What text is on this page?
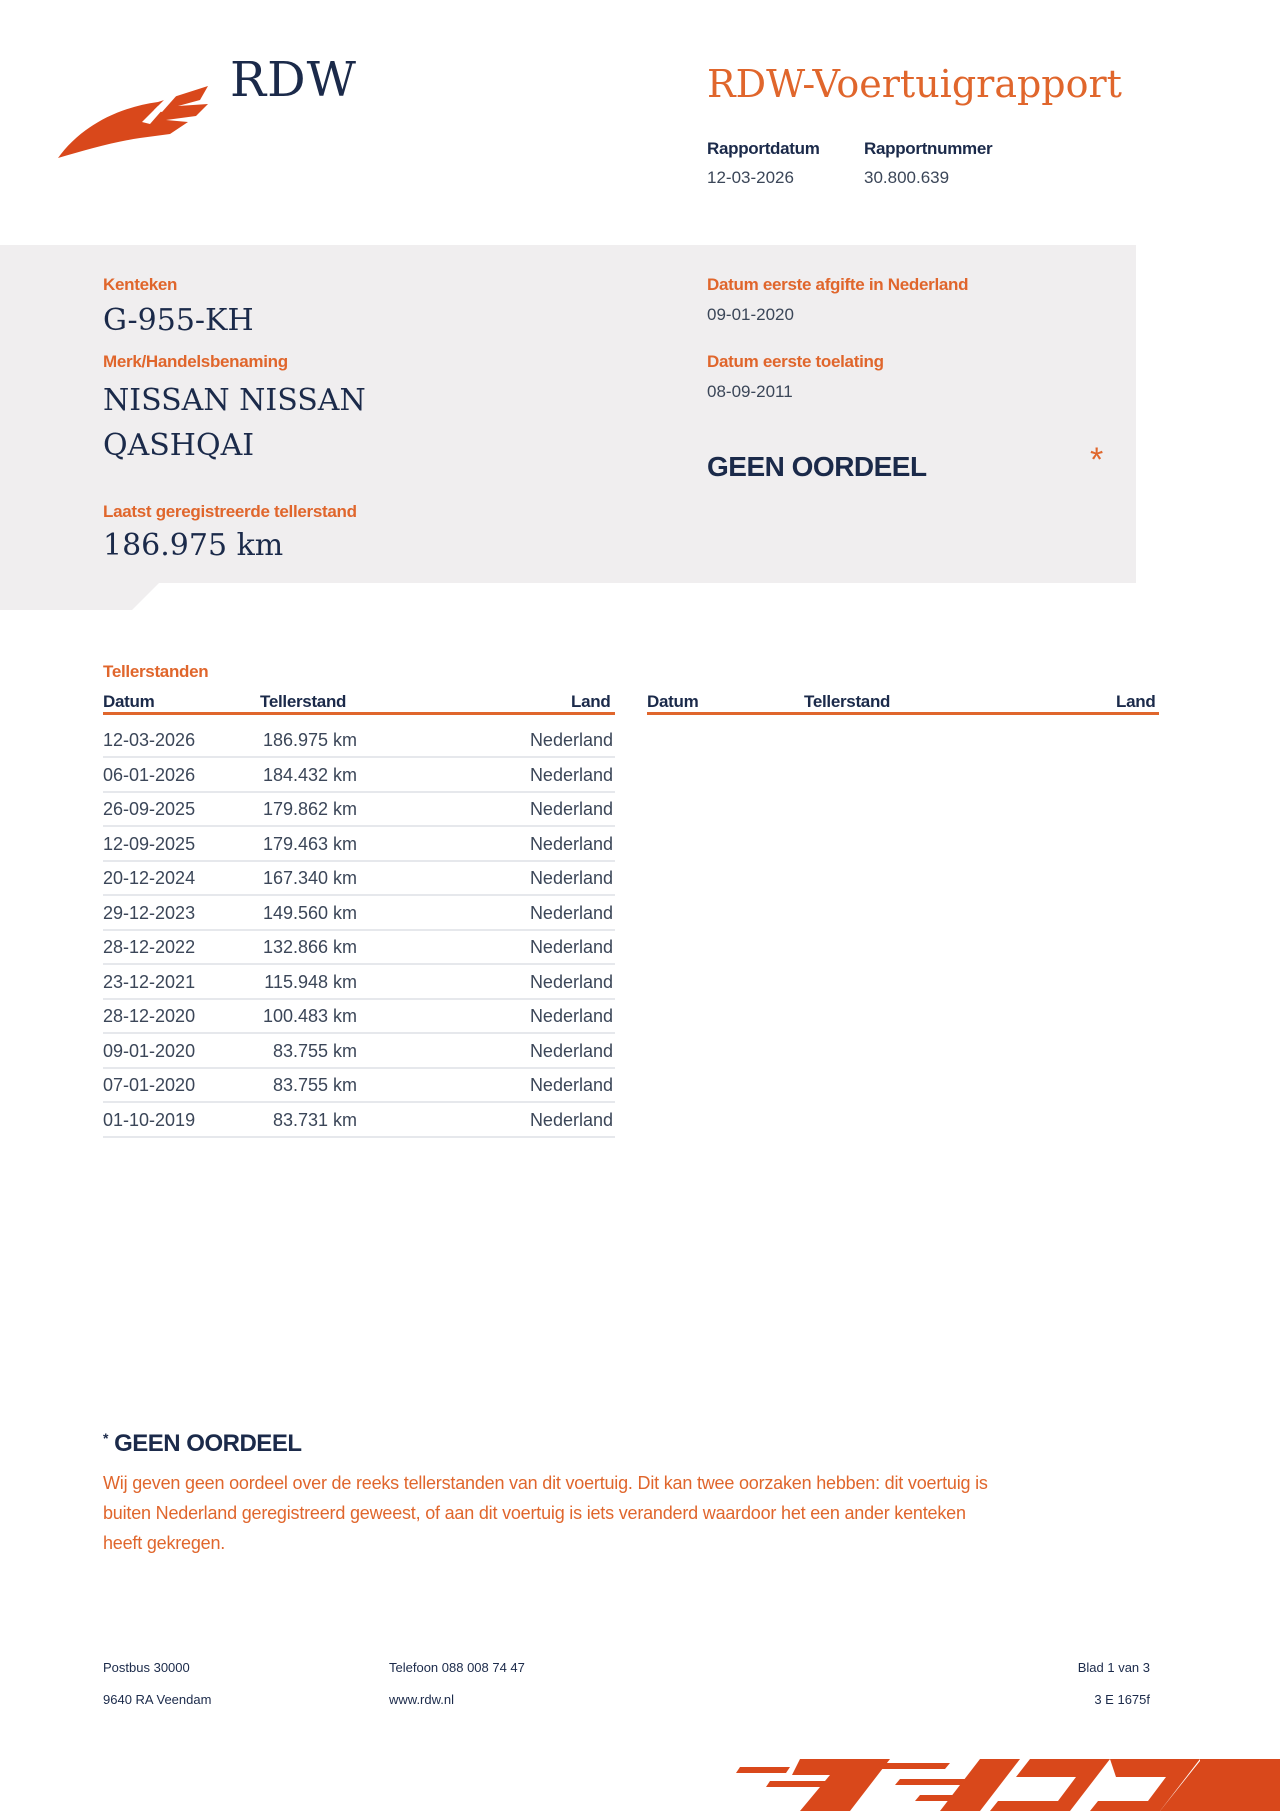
RDW	RDW-Voertuigrapport
Rapportdatum
12-03-2026
Rapportnummer
30.800.639
Kenteken
G-955-KH
Merk/Handelsbenaming
NISSAN NISSAN
QASHQAI
Laatst geregistreerde tellerstand
186.975 km
Datum eerste afgifte in Nederland
09-01-2020
Datum eerste toelating
08-09-2011
GEEN OORDEEL	*
Tellerstanden
Datum	Tellerstand	Land Datum	Tellerstand	Land
12-03-2026	186.975 km	Nederland
06-01-2026	184.432 km	Nederland
26-09-2025	179.862 km	Nederland
12-09-2025	179.463 km	Nederland
20-12-2024	167.340 km	Nederland
29-12-2023	149.560 km	Nederland
28-12-2022	132.866 km	Nederland
23-12-2021	115.948 km	Nederland
28-12-2020	100.483 km	Nederland
09-01-2020	83.755 km	Nederland
07-01-2020	83.755 km	Nederland
01-10-2019	83.731 km	Nederland
* GEEN OORDEEL
Wij geven geen oordeel over de reeks tellerstanden van dit voertuig. Dit kan twee oorzaken hebben: dit voertuig is
buiten Nederland geregistreerd geweest, of aan dit voertuig is iets veranderd waardoor het een ander kenteken
heeft gekregen.
Postbus 30000
9640 RA Veendam
Telefoon 088 008 74 47
www.rdw.nl
Blad 1 van 3
3 E 1675f
